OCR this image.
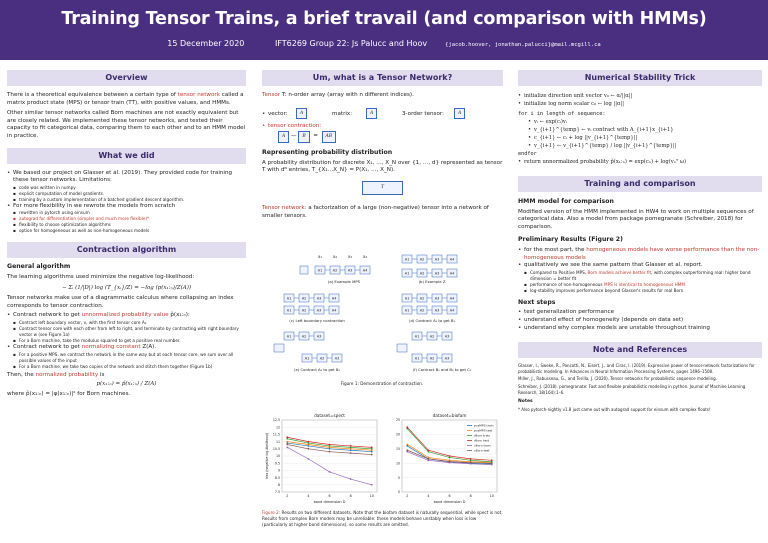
Training Tensor Trains, a brief travail (and comparison with HMMs)
15 December 2020	IFT6269 Group 22: Js Palucc and Hoov	{jacob.hoover, jonathan.palucci}@mail.mcgill.ca
Overview
There is a theoretical equivalence between a certain type of tensor network called a matrix product state (MPS) or tensor train (TT), with positive values, and HMMs.
Other similar tensor networks called Born machines are not exactly equivalent but are closely related. We implemented these tensor networks, and tested their capacity to fit categorical data, comparing them to each other and to an HMM model in practice.
What we did
• We based our project on Glasser et al. (2019). They provided code for training these tensor networks. Limitations:
▪ code was written in numpy
▪ explicit computation of model gradients.
▪ training by a custom implementation of a batched gradient descent algorithm.
• For more flexibility in we rewrote the models from scratch
▪ rewritten in pytorch using einsum
▪ autograd for differentiation (simpler and much more flexible)*
▪ flexibility to choose optimization algorithms
▪ option for homogeneous as well as non-homogeneous models
Contraction algorithm
General algorithm
The learning algorithms used minimize the negative log-likelihood:
− Σᵢ (1/|D|) log (T_{xᵢ}/Z) = −log (p(x₁:ₙ)/Z(A))
Tensor networks make use of a diagrammatic calculus where collapsing an index corresponds to tensor contraction.
• Contract network to get unnormalized probability value p̃(x₁:ₙ):
▪ Contract left boundary vector, v, with the first tensor core A₁
▪ Contract tensor core with each other from left to right, and terminate by contracting with right boundary vector w (see Figure 1a)
▪ For a Born machine, take the modulus squared to get a positive real number.
• Contract network to get normalizing constant Z(A).
▪ For a positive MPS, we contract the network in the same way but at each tensor core, we sum over all possible values of the input
▪ For a Born machine, we take two copies of the network and stitch them together (Figure 1b)
Then, the normalized probability is
p(x₁:ₙ) = p̃(x₁:ₙ) / Z(A)
where p̃(x₁:ₙ) = |ψ(x₁:ₙ)|² for Born machines.
Um, what is a Tensor Network?
Tensor T: n-order array (array with n different indices).
• vector:	A	matrix:	A	3-order tensor:	A
• tensor contraction:
A — B  =  AB
Representing probability distribution
A probability distribution for discrete X₁, …, X_N over {1, …, d} represented as tensor T with dᴺ entries, T_{X₁…X_N} = P(X₁, …, X_N).
T
Tensor network: a factorization of a large (non-negative) tensor into a network of smaller tensors.
x₁	x₂	x₃	x₄
A1	A2	A3	A4
(a) Example MPS
A1	A2	A3	A4
A1	A2	A3	A4
(b) Example Z
A1	A2	A3	A4
A1	A2	A3	A4
(c) Left boundary contraction
A1	A2	A3	A4
A1	A2	A3	A4
(d) Contract A₁ to get B₁
A1	A2	A3
A1	A2	A3
(e) Contract A₂ to get B₂
A1	A2	A3
A1	A2	A3
(f) Contract B₂ and B₃ to get C₂
Figure 1: Demonstration of contraction.
7.5
8
8.5
9
9.5
10
10.5
11
11.5
12
12.5
2	4	6	8	10
dataset=spect
bond dimension D
loss (negative log-likelihood)
0
5
10
15
20
25
2	4	6	8	10
dataset=biofam
bond dimension D
posMPS train
posMPS test
rBorn train
rBorn test
cBorn train
cBorn test
Figure 2: Results on two different datasets. Note that the biofam dataset is naturally sequential, while spect is not. Results from complex Born models may be unreliable: these models behave unstably when loss is low (particularly at higher bond dimensions), so some results are omitted.
Numerical Stability Trick
• initialize direction unit vector v₀ ← α/||α||
• initialize log norm scalar c₀ ← log ||α||
for i in length of sequence:
• vᵢ ← exp(cᵢ)vᵢ
• v_{i+1}^{temp} ← vᵢ contract with A_{i+1}x_{i+1}
• c_{i+1} ← cᵢ + log ||v_{i+1}^{temp}||
• v_{i+1} ← v_{i+1}^{temp} / log ||v_{i+1}^{temp}||
endfor
• return unnormalized probability p̃(x₁:ₙ) = exp(cₙ) + log(vₙᵀ ω)
Training and comparison
HMM model for comparison
Modified version of the HMM implemented in HW4 to work on multiple sequences of categorical data. Also a model from package pomegranate (Schreiber, 2018) for comparison.
Preliminary Results (Figure 2)
• for the most part, the homogeneous models have worse performance than the non-homogeneous models
• qualitatively we see the same pattern that Glasser et al. report.
▪ Compared to Positive MPS, Born models achieve better fit, with complex outperforming real: higher bond dimension = better fit
▪ performance of non-homogeneous MPS is identical to homogeneous HMM
▪ log-stability improves performance beyond Glasser's results for real Born
Next steps
• test generalization performance
• understand effect of homogeneity (depends on data set)
• understand why complex models are unstable throughout training
Note and References
Glasser, I., Sweke, R., Pancotti, N., Eisert, J., and Cirac, I. (2019). Expressive power of tensor-network factorizations for probabilistic modeling. In Advances in Neural Information Processing Systems, pages 1496–1508.
Miller, J., Rabusseau, G., and Terilla, J. (2020). Tensor networks for probabilistic sequence modeling.
Schreiber, J. (2018). pomegranate: Fast and flexible probabilistic modeling in python. Journal of Machine Learning Research, 18(164):1–6.
Notes
* Also pytorch-nightly v1.8 just came out with autograd support for einsum with complex floats!
